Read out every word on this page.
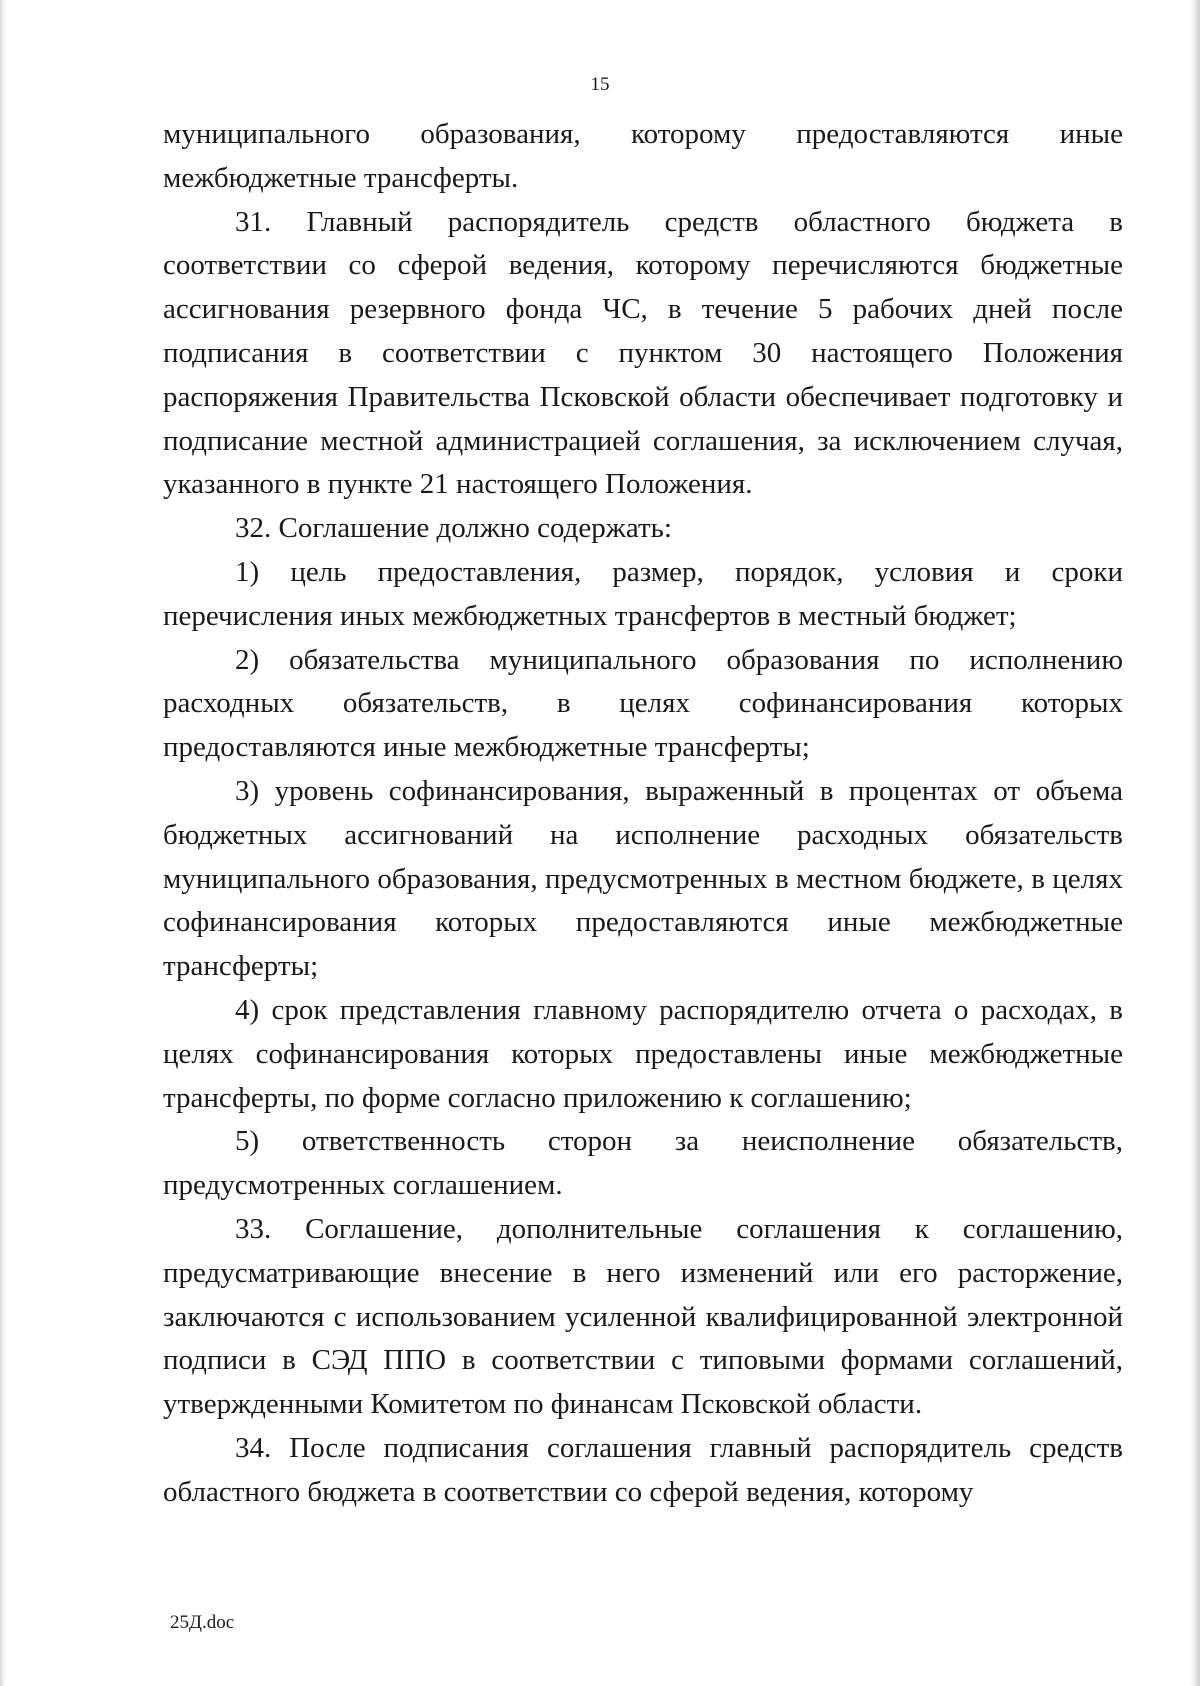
15

муниципального образования, которому предоставляются иные межбюджетные трансферты.

31. Главный распорядитель средств областного бюджета в соответствии со сферой ведения, которому перечисляются бюджетные ассигнования резервного фонда ЧС, в течение 5 рабочих дней после подписания в соответствии с пунктом 30 настоящего Положения распоряжения Правительства Псковской области обеспечивает подготовку и подписание местной администрацией соглашения, за исключением случая, указанного в пункте 21 настоящего Положения.

32. Соглашение должно содержать:

1) цель предоставления, размер, порядок, условия и сроки перечисления иных межбюджетных трансфертов в местный бюджет;

2) обязательства муниципального образования по исполнению расходных обязательств, в целях софинансирования которых предоставляются иные межбюджетные трансферты;

3) уровень софинансирования, выраженный в процентах от объема бюджетных ассигнований на исполнение расходных обязательств муниципального образования, предусмотренных в местном бюджете, в целях софинансирования которых предоставляются иные межбюджетные трансферты;

4) срок представления главному распорядителю отчета о расходах, в целях софинансирования которых предоставлены иные межбюджетные трансферты, по форме согласно приложению к соглашению;

5) ответственность сторон за неисполнение обязательств, предусмотренных соглашением.

33. Соглашение, дополнительные соглашения к соглашению, предусматривающие внесение в него изменений или его расторжение, заключаются с использованием усиленной квалифицированной электронной подписи в СЭД ППО в соответствии с типовыми формами соглашений, утвержденными Комитетом по финансам Псковской области.

34. После подписания соглашения главный распорядитель средств областного бюджета в соответствии со сферой ведения, которому

25Д.doc
